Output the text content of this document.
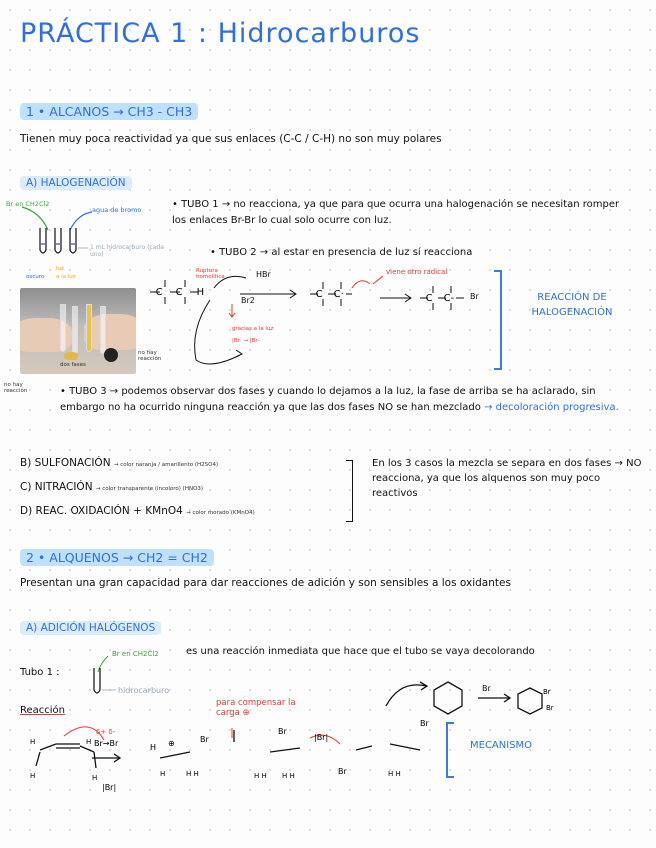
PRÁCTICA 1 : Hidrocarburos
1 • ALCANOS → CH3 - CH3
Tienen muy poca reactividad ya que sus enlaces (C-C / C-H) no son muy polares
A) HALOGENACIÓN
Br en CH2Cl2
agua de bromo
1 mL hidrocarburo (cada uno)
oscuro
luz
a la luz
dos fases
no hay reacción
no hay reacción
• TUBO 1 → no reacciona, ya que para que ocurra una halogenación se necesitan romper los enlaces Br-Br lo cual solo ocurre con luz.
• TUBO 2 → al estar en presencia de luz sí reacciona
-C -C -H	-C -C·	-C -C-
Ruptura homolítica	HBr
Br2
gracias a la luz
|Br· → |Br·
viene otro radical
Br	REACCIÓN DE HALOGENACIÓN
• TUBO 3 → podemos observar dos fases y cuando lo dejamos a la luz, la fase de arriba se ha aclarado, sin embargo no ha ocurrido ninguna reacción ya que las dos fases NO se han mezclado → decoloración progresiva.
B) SULFONACIÓN → color naranja / amarillento (H2SO4)
C) NITRACIÓN → color transparente (incoloro) (HNO3)
D) REAC. OXIDACIÓN + KMnO4 → color morado (KMnO4)
En los 3 casos la mezcla se separa en dos fases → NO reacciona, ya que los alquenos son muy poco reactivos
2 • ALQUENOS → CH2 = CH2
Presentan una gran capacidad para dar reacciones de adición y son sensibles a los oxidantes
A) ADICIÓN HALÓGENOS
es una reacción inmediata que hace que el tubo se vaya decolorando
Tubo 1 :
Br en CH2Cl2
hidrocarburo
Reacción
para compensar la carga ⊕
H	H
H	H
Br→Br	H ⊕	Br
H	H H
Br
H H H H
|Br|
Br
Br	H H
Br
Br
|Br|
δ+ δ-
Br
MECANISMO
